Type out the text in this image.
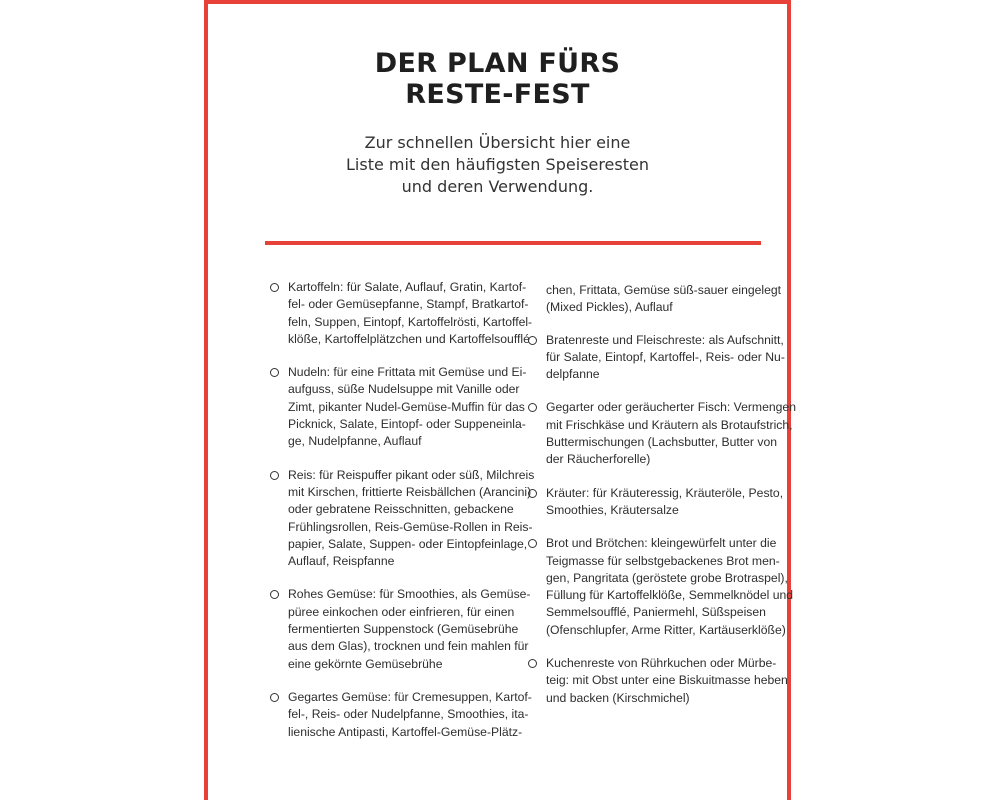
DER PLAN FÜRS
RESTE-FEST
Zur schnellen Übersicht hier eine
Liste mit den häufigsten Speiseresten
und deren Verwendung.
Kartoffeln: für Salate, Auflauf, Gratin, Kartof-
fel- oder Gemüsepfanne, Stampf, Bratkartof-
feln, Suppen, Eintopf, Kartoffelrösti, Kartoffel-
klöße, Kartoffelplätzchen und Kartoffelsoufflé
Nudeln: für eine Frittata mit Gemüse und Ei-
aufguss, süße Nudelsuppe mit Vanille oder
Zimt, pikanter Nudel-Gemüse-Muffin für das
Picknick, Salate, Eintopf- oder Suppeneinla-
ge, Nudelpfanne, Auflauf
Reis: für Reispuffer pikant oder süß, Milchreis
mit Kirschen, frittierte Reisbällchen (Arancini)
oder gebratene Reisschnitten, gebackene
Frühlingsrollen, Reis-Gemüse-Rollen in Reis-
papier, Salate, Suppen- oder Eintopfeinlage,
Auflauf, Reispfanne
Rohes Gemüse: für Smoothies, als Gemüse-
püree einkochen oder einfrieren, für einen
fermentierten Suppenstock (Gemüsebrühe
aus dem Glas), trocknen und fein mahlen für
eine gekörnte Gemüsebrühe
Gegartes Gemüse: für Cremesuppen, Kartof-
fel-, Reis- oder Nudelpfanne, Smoothies, ita-
lienische Antipasti, Kartoffel-Gemüse-Plätz-
chen, Frittata, Gemüse süß-sauer eingelegt
(Mixed Pickles), Auflauf
Bratenreste und Fleischreste: als Aufschnitt,
für Salate, Eintopf, Kartoffel-, Reis- oder Nu-
delpfanne
Gegarter oder geräucherter Fisch: Vermengen
mit Frischkäse und Kräutern als Brotaufstrich,
Buttermischungen (Lachsbutter, Butter von
der Räucherforelle)
Kräuter: für Kräuteressig, Kräuteröle, Pesto,
Smoothies, Kräutersalze
Brot und Brötchen: kleingewürfelt unter die
Teigmasse für selbstgebackenes Brot men-
gen, Pangritata (geröstete grobe Brotraspel),
Füllung für Kartoffelklöße, Semmelknödel und
Semmelsoufflé, Paniermehl, Süßspeisen
(Ofenschlupfer, Arme Ritter, Kartäuserklöße)
Kuchenreste von Rührkuchen oder Mürbe-
teig: mit Obst unter eine Biskuitmasse heben
und backen (Kirschmichel)
